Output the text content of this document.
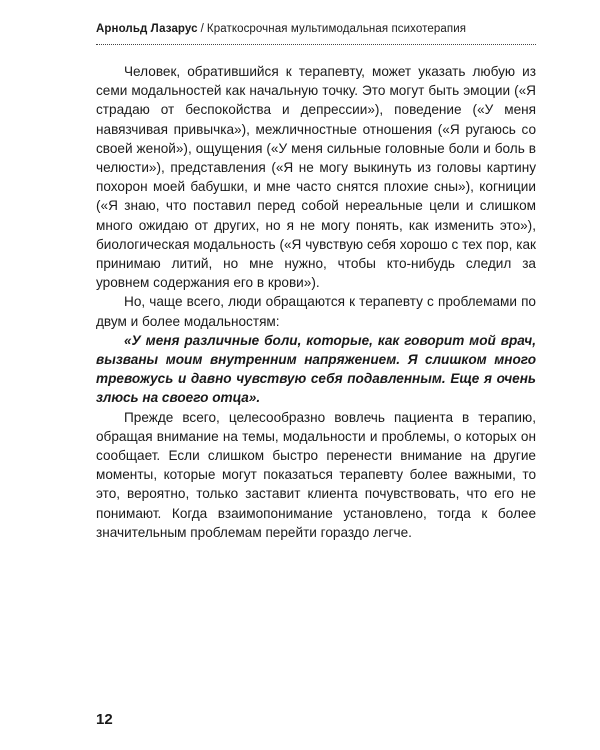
Арнольд Лазарус / Краткосрочная мультимодальная психотерапия

Человек, обратившийся к терапевту, может указать любую из семи модальностей как начальную точку. Это могут быть эмоции («Я страдаю от беспокойства и депрессии»), поведение («У меня навязчивая привычка»), межличностные отношения («Я ругаюсь со своей женой»), ощущения («У меня сильные головные боли и боль в челюсти»), представления («Я не могу выкинуть из головы картину похорон моей бабушки, и мне часто снятся плохие сны»), когниции («Я знаю, что поставил перед собой нереальные цели и слишком много ожидаю от других, но я не могу понять, как изменить это»), биологическая модальность («Я чувствую себя хорошо с тех пор, как принимаю литий, но мне нужно, чтобы кто-нибудь следил за уровнем содержания его в крови»).

Но, чаще всего, люди обращаются к терапевту с проблемами по двум и более модальностям:

«У меня различные боли, которые, как говорит мой врач, вызваны моим внутренним напряжением. Я слишком много тревожусь и давно чувствую себя подавленным. Еще я очень злюсь на своего отца».

Прежде всего, целесообразно вовлечь пациента в терапию, обращая внимание на темы, модальности и проблемы, о которых он сообщает. Если слишком быстро перенести внимание на другие моменты, которые могут показаться терапевту более важными, то это, вероятно, только заставит клиента почувствовать, что его не понимают. Когда взаимопонимание установлено, тогда к более значительным проблемам перейти гораздо легче.

12
